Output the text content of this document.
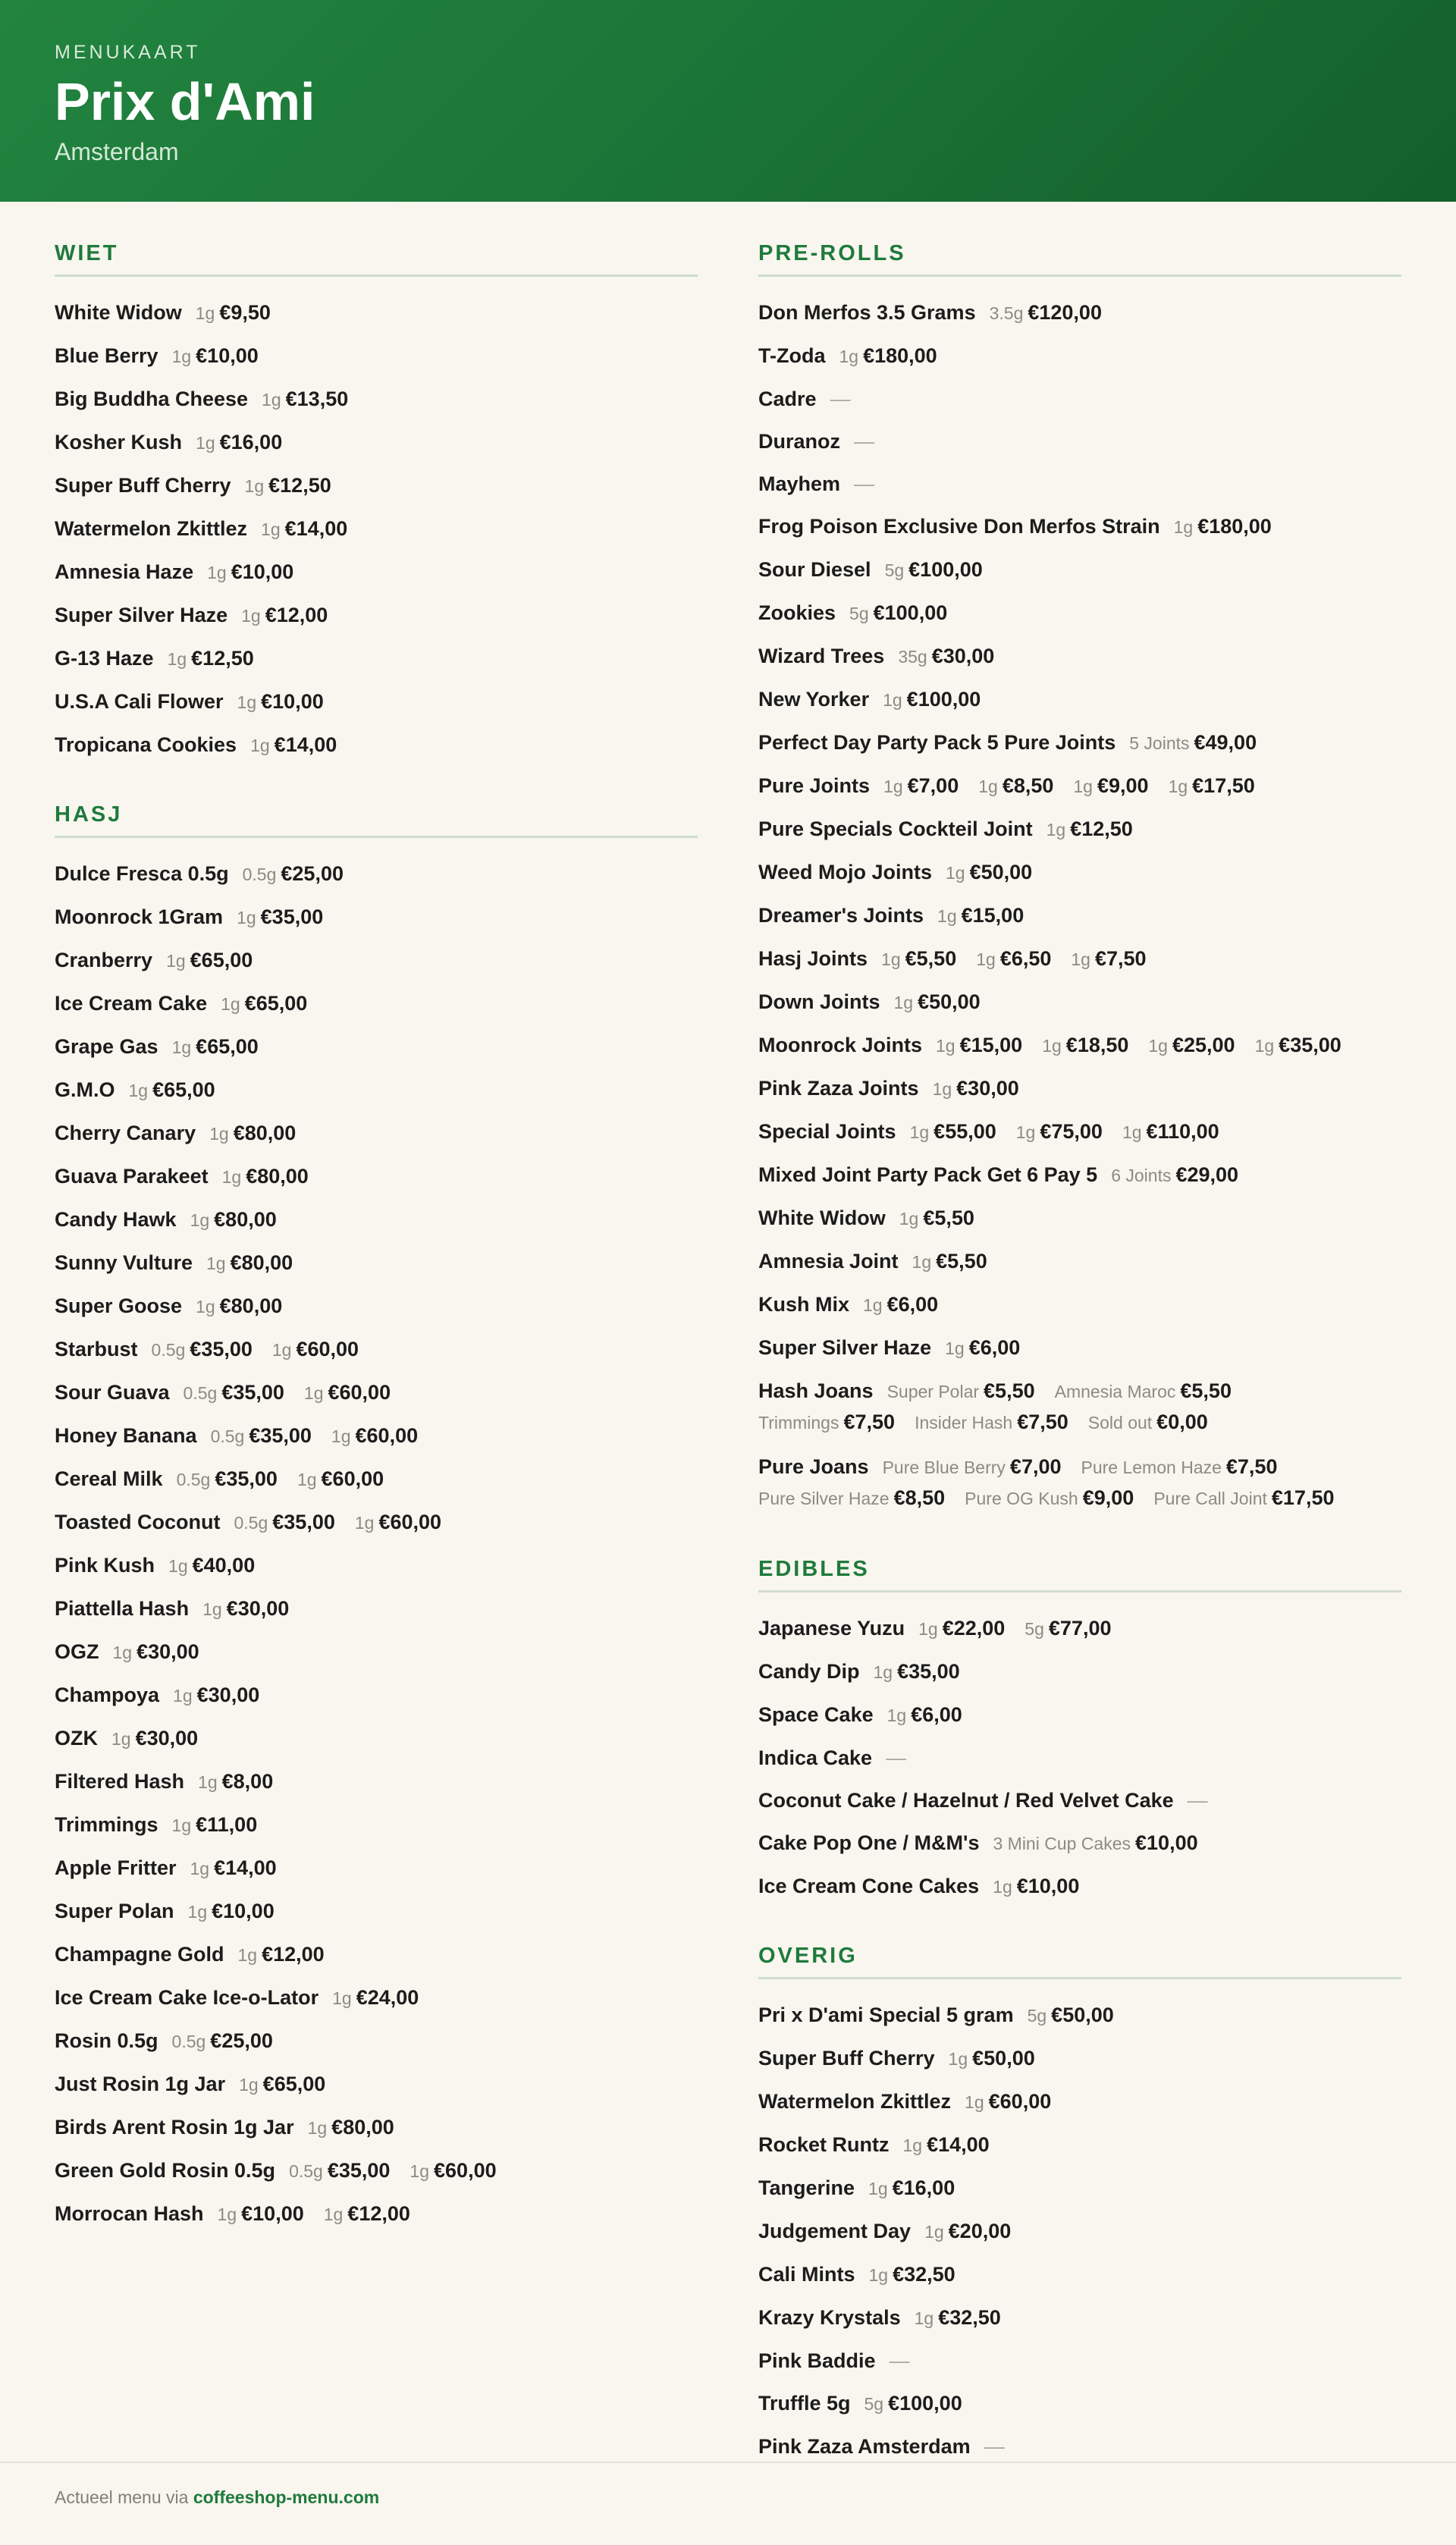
MENUKAART
Prix d'Ami
Amsterdam
WIET
White Widow 1g €9,50
Blue Berry 1g €10,00
Big Buddha Cheese 1g €13,50
Kosher Kush 1g €16,00
Super Buff Cherry 1g €12,50
Watermelon Zkittlez 1g €14,00
Amnesia Haze 1g €10,00
Super Silver Haze 1g €12,00
G-13 Haze 1g €12,50
U.S.A Cali Flower 1g €10,00
Tropicana Cookies 1g €14,00
HASJ
Dulce Fresca 0.5g 0.5g €25,00
Moonrock 1Gram 1g €35,00
Cranberry 1g €65,00
Ice Cream Cake 1g €65,00
Grape Gas 1g €65,00
G.M.O 1g €65,00
Cherry Canary 1g €80,00
Guava Parakeet 1g €80,00
Candy Hawk 1g €80,00
Sunny Vulture 1g €80,00
Super Goose 1g €80,00
Starbust 0.5g €35,00 1g €60,00
Sour Guava 0.5g €35,00 1g €60,00
Honey Banana 0.5g €35,00 1g €60,00
Cereal Milk 0.5g €35,00 1g €60,00
Toasted Coconut 0.5g €35,00 1g €60,00
Pink Kush 1g €40,00
Piattella Hash 1g €30,00
OGZ 1g €30,00
Champoya 1g €30,00
OZK 1g €30,00
Filtered Hash 1g €8,00
Trimmings 1g €11,00
Apple Fritter 1g €14,00
Super Polan 1g €10,00
Champagne Gold 1g €12,00
Ice Cream Cake Ice-o-Lator 1g €24,00
Rosin 0.5g 0.5g €25,00
Just Rosin 1g Jar 1g €65,00
Birds Arent Rosin 1g Jar 1g €80,00
Green Gold Rosin 0.5g 0.5g €35,00 1g €60,00
Morrocan Hash 1g €10,00 1g €12,00
PRE-ROLLS
Don Merfos 3.5 Grams 3.5g €120,00
T-Zoda 1g €180,00
Cadre —
Duranoz —
Mayhem —
Frog Poison Exclusive Don Merfos Strain 1g €180,00
Sour Diesel 5g €100,00
Zookies 5g €100,00
Wizard Trees 35g €30,00
New Yorker 1g €100,00
Perfect Day Party Pack 5 Pure Joints 5 Joints €49,00
Pure Joints 1g €7,00 1g €8,50 1g €9,00 1g €17,50
Pure Specials Cockteil Joint 1g €12,50
Weed Mojo Joints 1g €50,00
Dreamer's Joints 1g €15,00
Hasj Joints 1g €5,50 1g €6,50 1g €7,50
Down Joints 1g €50,00
Moonrock Joints 1g €15,00 1g €18,50 1g €25,00 1g €35,00
Pink Zaza Joints 1g €30,00
Special Joints 1g €55,00 1g €75,00 1g €110,00
Mixed Joint Party Pack Get 6 Pay 5 6 Joints €29,00
White Widow 1g €5,50
Amnesia Joint 1g €5,50
Kush Mix 1g €6,00
Super Silver Haze 1g €6,00
Hash Joans Super Polar €5,50 Amnesia Maroc €5,50
Trimmings €7,50 Insider Hash €7,50 Sold out €0,00
Pure Joans Pure Blue Berry €7,00 Pure Lemon Haze €7,50
Pure Silver Haze €8,50 Pure OG Kush €9,00 Pure Call Joint €17,50
EDIBLES
Japanese Yuzu 1g €22,00 5g €77,00
Candy Dip 1g €35,00
Space Cake 1g €6,00
Indica Cake —
Coconut Cake / Hazelnut / Red Velvet Cake —
Cake Pop One / M&M's 3 Mini Cup Cakes €10,00
Ice Cream Cone Cakes 1g €10,00
OVERIG
Pri x D'ami Special 5 gram 5g €50,00
Super Buff Cherry 1g €50,00
Watermelon Zkittlez 1g €60,00
Rocket Runtz 1g €14,00
Tangerine 1g €16,00
Judgement Day 1g €20,00
Cali Mints 1g €32,50
Krazy Krystals 1g €32,50
Pink Baddie —
Truffle 5g 5g €100,00
Pink Zaza Amsterdam —
Actueel menu via coffeeshop-menu.com
